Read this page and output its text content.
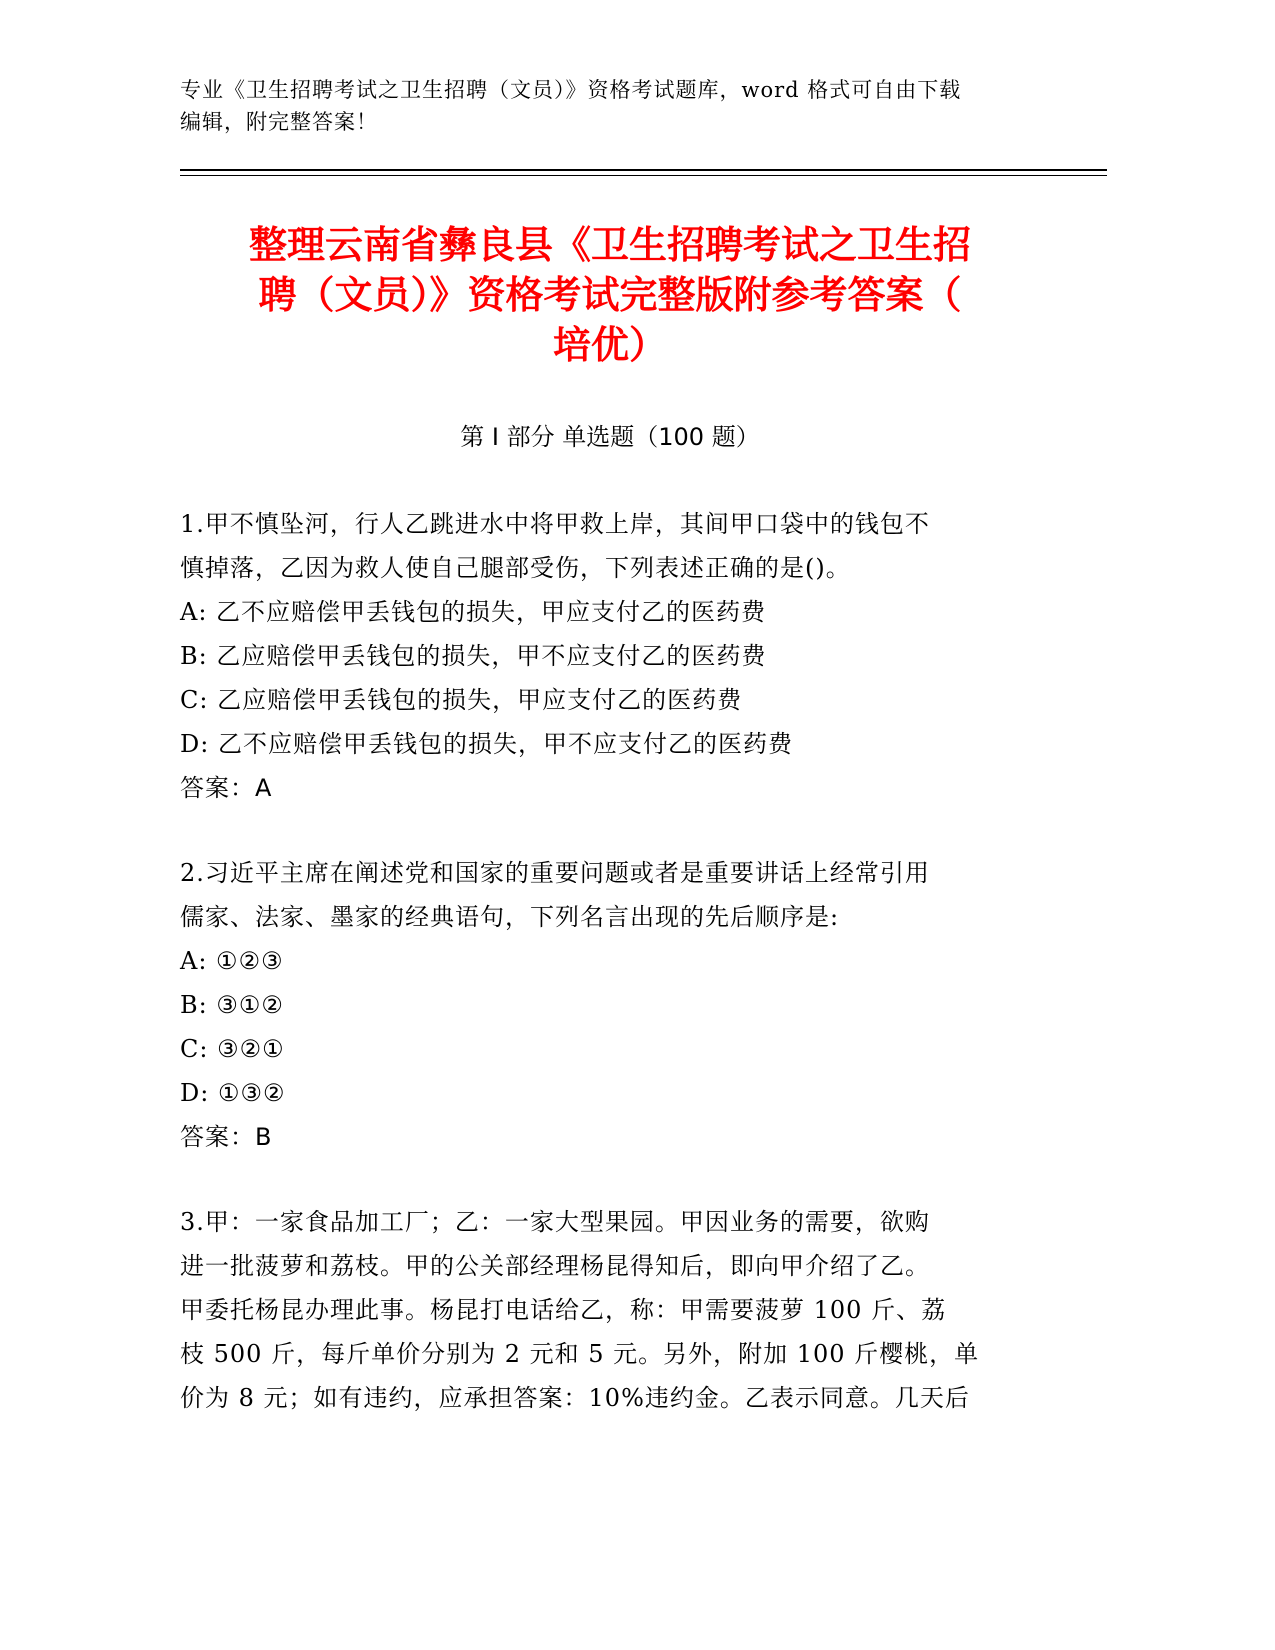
专业《卫生招聘考试之卫生招聘（文员）》资格考试题库，word 格式可自由下载
编辑，附完整答案！
整理云南省彝良县《卫生招聘考试之卫生招
聘（文员）》资格考试完整版附参考答案（
培优）
第 I 部分 单选题（100 题）
1.甲不慎坠河，行人乙跳进水中将甲救上岸，其间甲口袋中的钱包不
慎掉落，乙因为救人使自己腿部受伤，下列表述正确的是()。
A: 乙不应赔偿甲丢钱包的损失，甲应支付乙的医药费
B: 乙应赔偿甲丢钱包的损失，甲不应支付乙的医药费
C: 乙应赔偿甲丢钱包的损失，甲应支付乙的医药费
D: 乙不应赔偿甲丢钱包的损失，甲不应支付乙的医药费
答案：A
2.习近平主席在阐述党和国家的重要问题或者是重要讲话上经常引用
儒家、法家、墨家的经典语句，下列名言出现的先后顺序是:
A: ①②③
B: ③①②
C: ③②①
D: ①③②
答案：B
3.甲：一家食品加工厂；乙：一家大型果园。甲因业务的需要，欲购
进一批菠萝和荔枝。甲的公关部经理杨昆得知后，即向甲介绍了乙。
甲委托杨昆办理此事。杨昆打电话给乙，称：甲需要菠萝 100 斤、荔
枝 500 斤，每斤单价分别为 2 元和 5 元。另外，附加 100 斤樱桃，单
价为 8 元；如有违约，应承担答案：10%违约金。乙表示同意。几天后
